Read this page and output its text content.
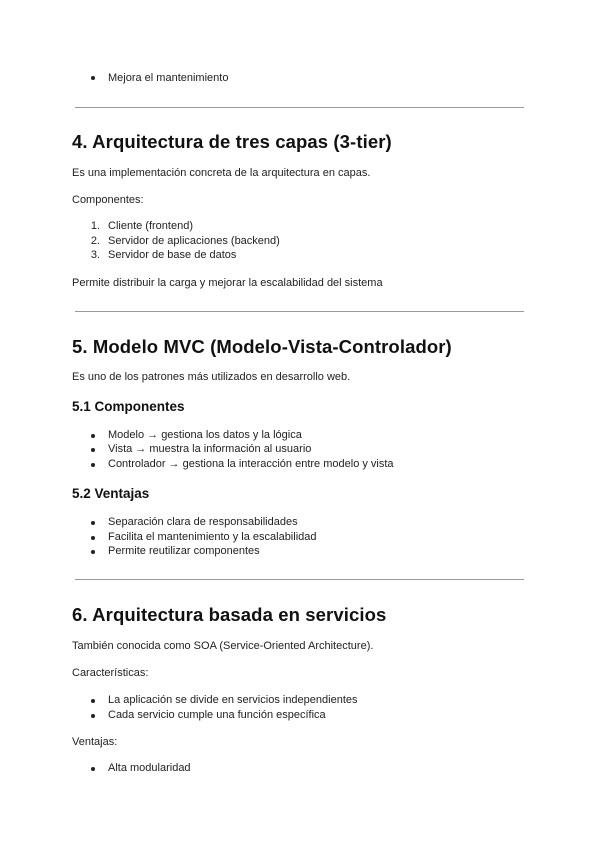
Mejora el mantenimiento
4. Arquitectura de tres capas (3-tier)
Es una implementación concreta de la arquitectura en capas.
Componentes:
1. Cliente (frontend)
2. Servidor de aplicaciones (backend)
3. Servidor de base de datos
Permite distribuir la carga y mejorar la escalabilidad del sistema
5. Modelo MVC (Modelo-Vista-Controlador)
Es uno de los patrones más utilizados en desarrollo web.
5.1 Componentes
Modelo → gestiona los datos y la lógica
Vista → muestra la información al usuario
Controlador → gestiona la interacción entre modelo y vista
5.2 Ventajas
Separación clara de responsabilidades
Facilita el mantenimiento y la escalabilidad
Permite reutilizar componentes
6. Arquitectura basada en servicios
También conocida como SOA (Service-Oriented Architecture).
Características:
La aplicación se divide en servicios independientes
Cada servicio cumple una función específica
Ventajas:
Alta modularidad
